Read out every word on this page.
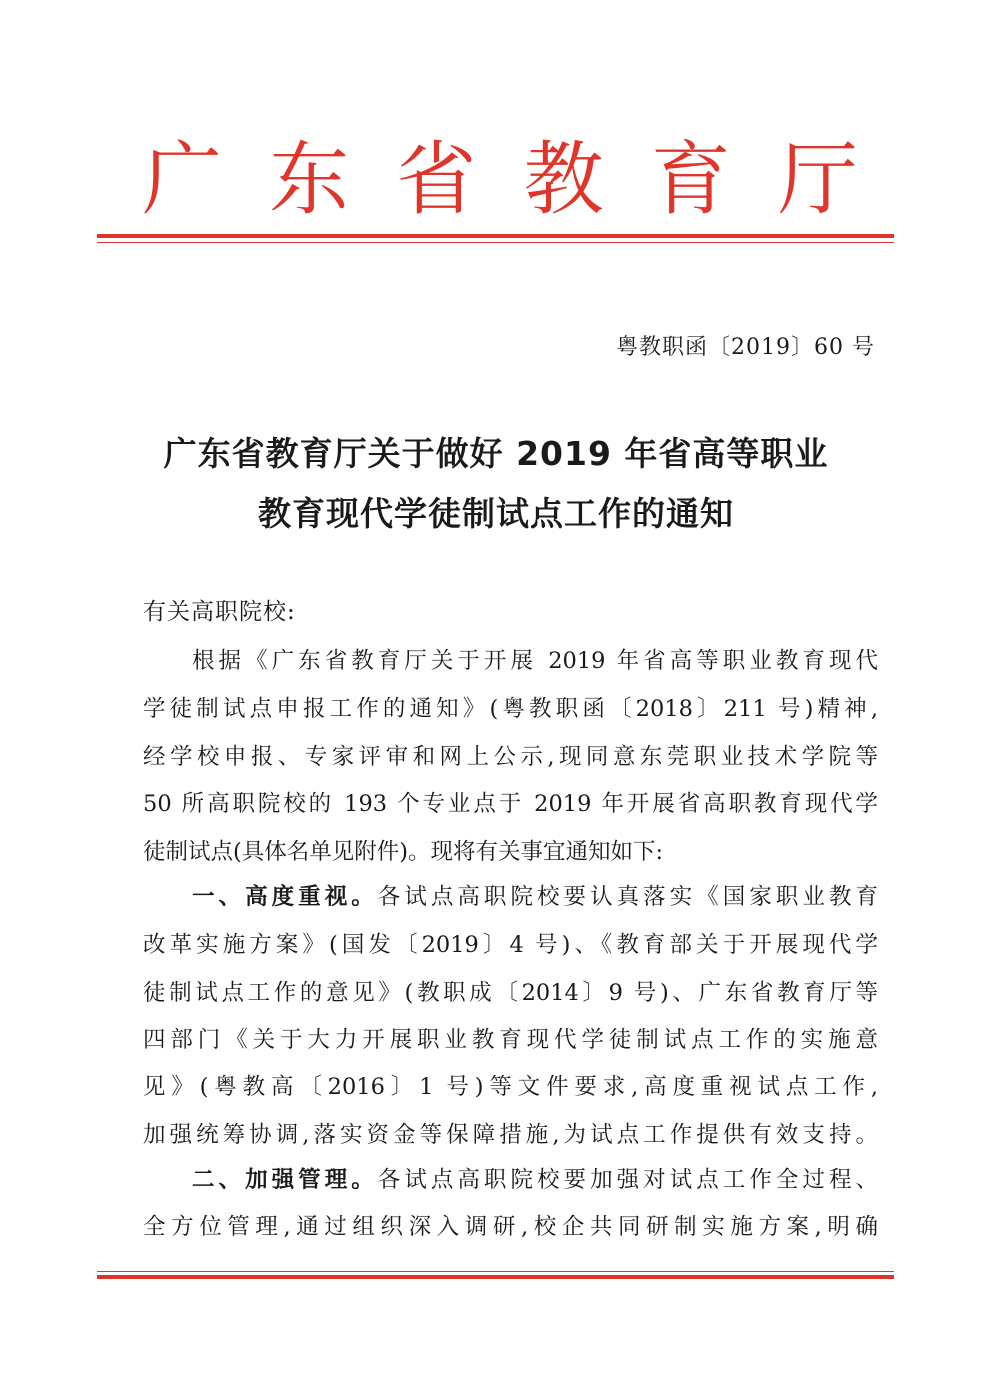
广 东 省 教 育 厅
粤教职函〔2019〕60 号
广东省教育厅关于做好 2019 年省高等职业
教育现代学徒制试点工作的通知
有关高职院校:
根据《广东省教育厅关于开展 2019 年省高等职业教育现代
学徒制试点申报工作的通知》(粤教职函〔2018〕211 号)精神,
经学校申报、专家评审和网上公示,现同意东莞职业技术学院等
50 所高职院校的 193 个专业点于 2019 年开展省高职教育现代学
徒制试点(具体名单见附件)。现将有关事宜通知如下:
一、高度重视。各试点高职院校要认真落实《国家职业教育
改革实施方案》(国发〔2019〕4 号)、《教育部关于开展现代学
徒制试点工作的意见》(教职成〔2014〕9 号)、广东省教育厅等
四部门《关于大力开展职业教育现代学徒制试点工作的实施意
见》(粤教高〔2016〕1 号)等文件要求,高度重视试点工作,
加强统筹协调,落实资金等保障措施,为试点工作提供有效支持。
二、加强管理。各试点高职院校要加强对试点工作全过程、
全方位管理,通过组织深入调研,校企共同研制实施方案,明确
